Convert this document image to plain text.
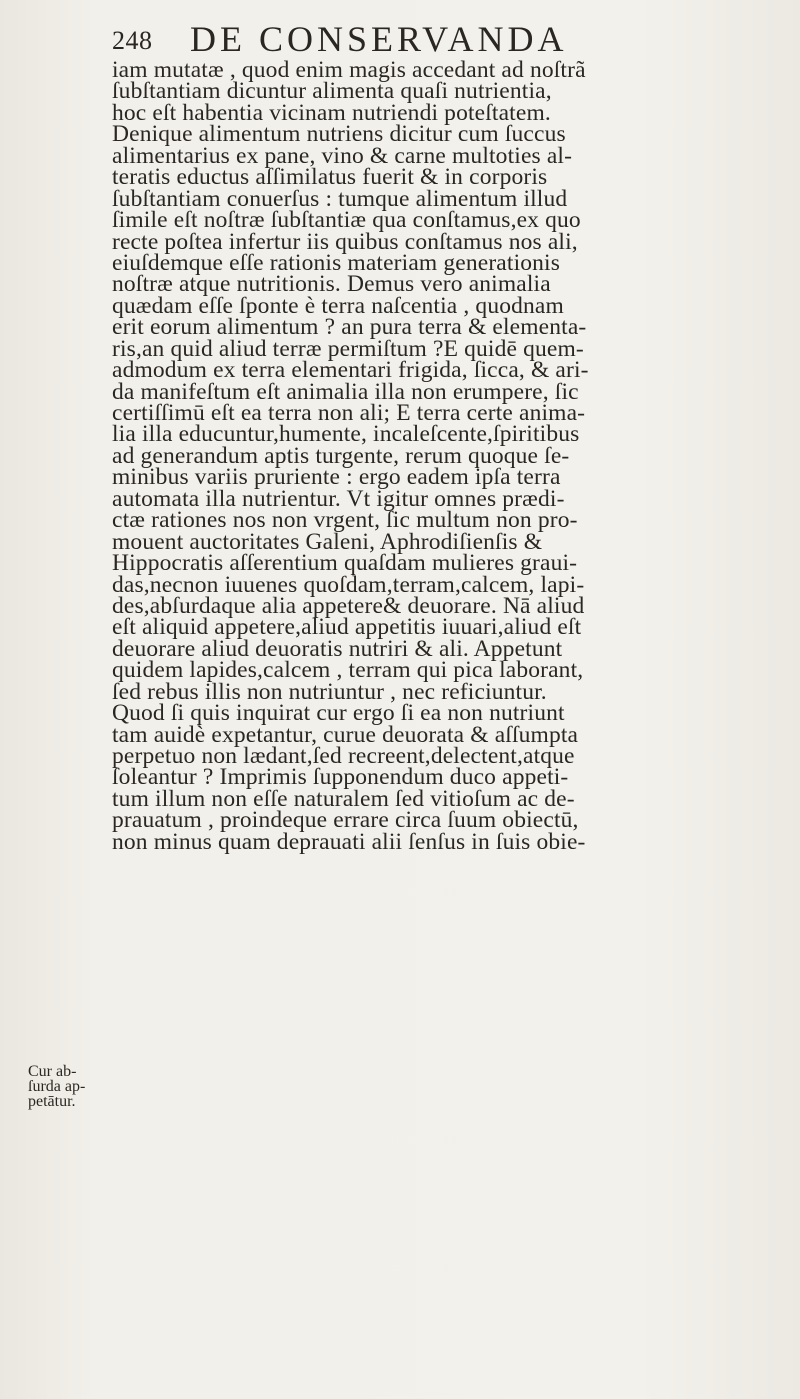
248 DE CONSERVANDA
iam mutatæ , quod enim magis accedant ad noſtrã
ſubſtantiam dicuntur alimenta quaſi nutrientia,
hoc eſt habentia vicinam nutriendi poteſtatem.
Denique alimentum nutriens dicitur cum ſuccus
alimentarius ex pane, vino & carne multoties al-
teratis eductus aſſimilatus fuerit & in corporis
ſubſtantiam conuerſus : tumque alimentum illud
ſimile eſt noſtræ ſubſtantiæ qua conſtamus,ex quo
recte poſtea infertur iis quibus conſtamus nos ali,
eiuſdemque eſſe rationis materiam generationis
noſtræ atque nutritionis. Demus vero animalia
quædam eſſe ſponte è terra naſcentia , quodnam
erit eorum alimentum ? an pura terra & elementa-
ris,an quid aliud terræ permiſtum ?E quidē quem-
admodum ex terra elementari frigida, ſicca, & ari-
da manifeſtum eſt animalia illa non erumpere, ſic
certiſſimū eſt ea terra non ali; E terra certe anima-
lia illa educuntur,humente, incaleſcente,ſpiritibus
ad generandum aptis turgente, rerum quoque ſe-
minibus variis pruriente : ergo eadem ipſa terra
automata illa nutrientur. Vt igitur omnes prædi-
ctæ rationes nos non vrgent, ſic multum non pro-
mouent auctoritates Galeni, Aphrodiſienſis &
Hippocratis aſſerentium quaſdam mulieres graui-
das,necnon iuuenes quoſdam,terram,calcem, lapi-
des,abſurdaque alia appetere& deuorare. Nā aliud
eſt aliquid appetere,aliud appetitis iuuari,aliud eſt
deuorare aliud deuoratis nutriri & ali. Appetunt
quidem lapides,calcem , terram qui pica laborant,
ſed rebus illis non nutriuntur , nec reficiuntur.
Quod ſi quis inquirat cur ergo ſi ea non nutriunt
tam auidè expetantur, curue deuorata & aſſumpta
perpetuo non lædant,ſed recreent,delectent,atque
ſoleantur ? Imprimis ſupponendum duco appeti-
tum illum non eſſe naturalem ſed vitioſum ac de-
prauatum , proindeque errare circa ſuum obiectū,
non minus quam deprauati alii ſenſus in ſuis obie-
Cur ab-
ſurda ap-
petātur.
